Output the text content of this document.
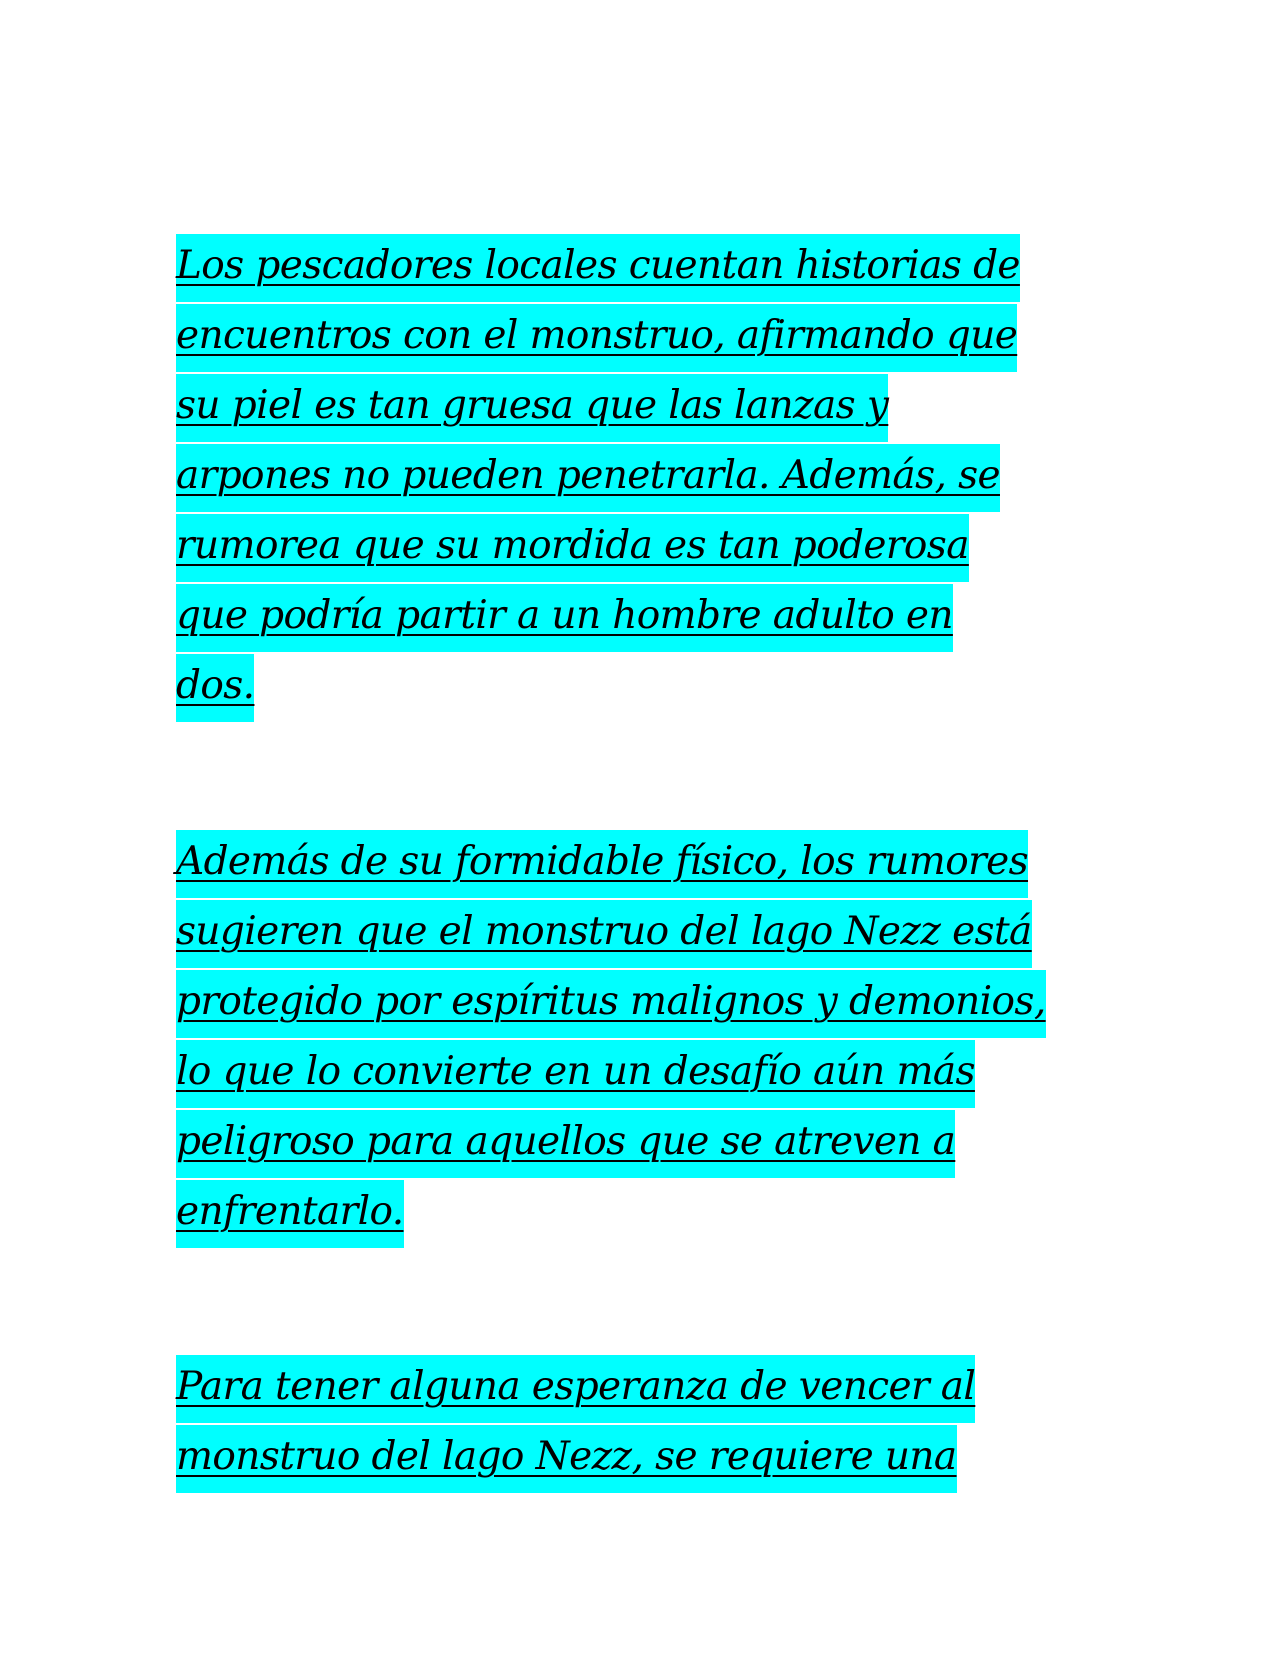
Los pescadores locales cuentan historias de
encuentros con el monstruo, afirmando que
su piel es tan gruesa que las lanzas y
arpones no pueden penetrarla. Además, se
rumorea que su mordida es tan poderosa
que podría partir a un hombre adulto en
dos.
Además de su formidable físico, los rumores
sugieren que el monstruo del lago Nezz está
protegido por espíritus malignos y demonios,
lo que lo convierte en un desafío aún más
peligroso para aquellos que se atreven a
enfrentarlo.
Para tener alguna esperanza de vencer al
monstruo del lago Nezz, se requiere una
